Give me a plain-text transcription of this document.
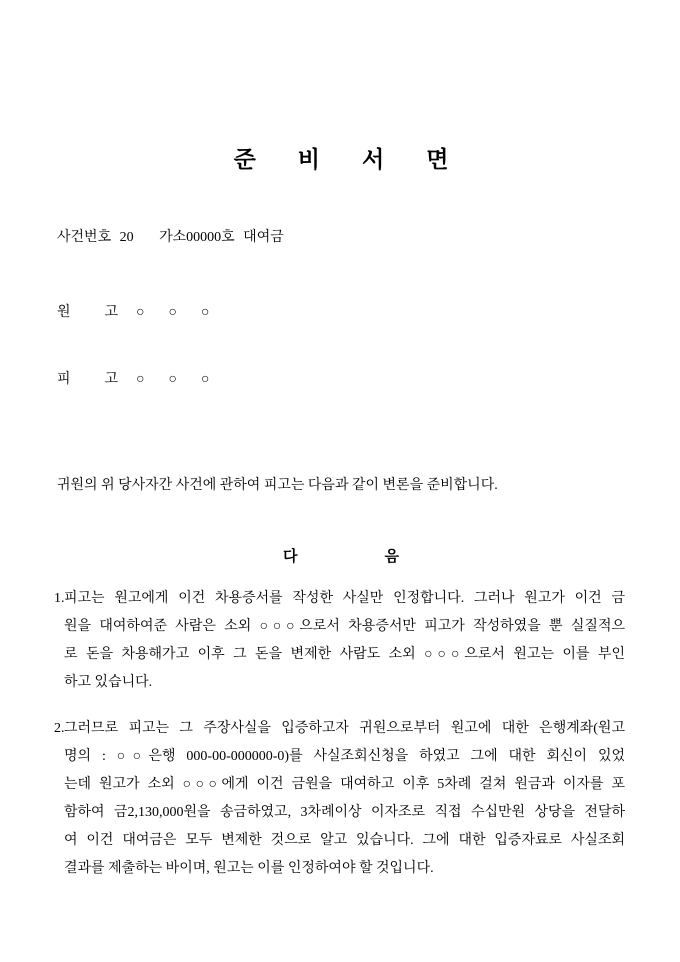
준비서면
사건번호 20   가소00000호 대여금
원고○○○
피고○○○
귀원의 위 당사자간 사건에 관하여 피고는 다음과 같이 변론을 준비합니다.
다음
1. 피고는 원고에게 이건 차용증서를 작성한 사실만 인정합니다. 그러나 원고가 이건 금
원을 대여하여준 사람은 소외 ○○○으로서 차용증서만 피고가 작성하였을 뿐 실질적으
로 돈을 차용해가고 이후 그 돈을 변제한 사람도 소외 ○○○으로서 원고는 이를 부인
하고 있습니다.
2. 그러므로 피고는 그 주장사실을 입증하고자 귀원으로부터 원고에 대한 은행계좌(원고
명의 : ○○은행 000-00-000000-0)를 사실조회신청을 하였고 그에 대한 회신이 있었
는데 원고가 소외 ○○○에게 이건 금원을 대여하고 이후 5차례 걸쳐 원금과 이자를 포
함하여 금2,130,000원을 송금하였고, 3차례이상 이자조로 직접 수십만원 상당을 전달하
여 이건 대여금은 모두 변제한 것으로 알고 있습니다. 그에 대한 입증자료로 사실조회
결과를 제출하는 바이며, 원고는 이를 인정하여야 할 것입니다.
